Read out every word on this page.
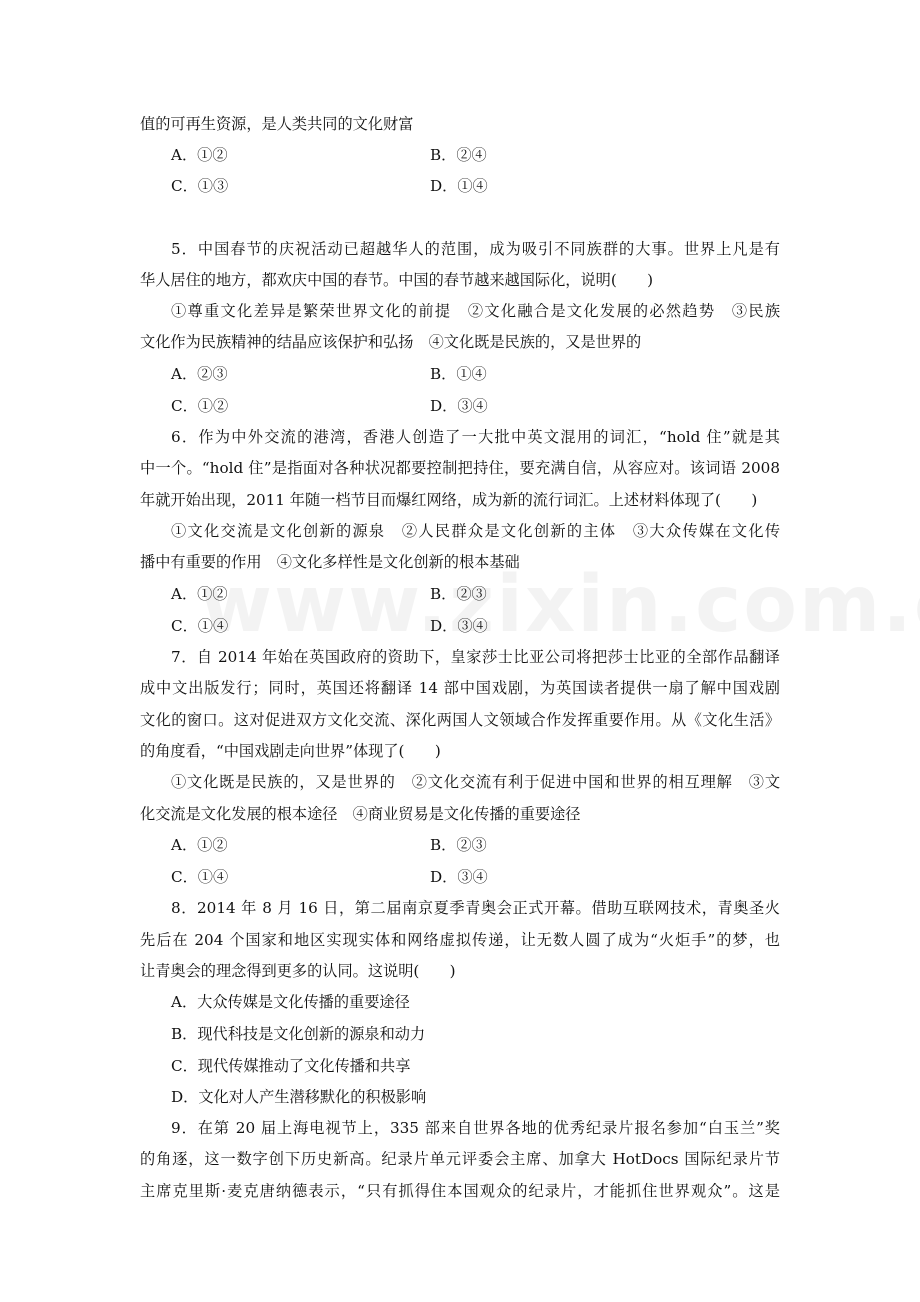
值的可再生资源，是人类共同的文化财富
A．①②	B．②④
C．①③	D．①④
5．中国春节的庆祝活动已超越华人的范围，成为吸引不同族群的大事。世界上凡是有
华人居住的地方，都欢庆中国的春节。中国的春节越来越国际化，说明(　　)
①尊重文化差异是繁荣世界文化的前提　②文化融合是文化发展的必然趋势　③民族
文化作为民族精神的结晶应该保护和弘扬　④文化既是民族的，又是世界的
A．②③	B．①④
C．①②	D．③④
6．作为中外交流的港湾，香港人创造了一大批中英文混用的词汇，“hold 住”就是其
中一个。“hold 住”是指面对各种状况都要控制把持住，要充满自信，从容应对。该词语 2008
年就开始出现，2011 年随一档节目而爆红网络，成为新的流行词汇。上述材料体现了(　　)
①文化交流是文化创新的源泉　②人民群众是文化创新的主体　③大众传媒在文化传
播中有重要的作用　④文化多样性是文化创新的根本基础
A．①②	B．②③
C．①④	D．③④
7．自 2014 年始在英国政府的资助下，皇家莎士比亚公司将把莎士比亚的全部作品翻译
成中文出版发行；同时，英国还将翻译 14 部中国戏剧，为英国读者提供一扇了解中国戏剧
文化的窗口。这对促进双方文化交流、深化两国人文领域合作发挥重要作用。从《文化生活》
的角度看，“中国戏剧走向世界”体现了(　　)
①文化既是民族的，又是世界的　②文化交流有利于促进中国和世界的相互理解　③文
化交流是文化发展的根本途径　④商业贸易是文化传播的重要途径
A．①②	B．②③
C．①④	D．③④
8．2014 年 8 月 16 日，第二届南京夏季青奥会正式开幕。借助互联网技术，青奥圣火
先后在 204 个国家和地区实现实体和网络虚拟传递，让无数人圆了成为“火炬手”的梦，也
让青奥会的理念得到更多的认同。这说明(　　)
A．大众传媒是文化传播的重要途径
B．现代科技是文化创新的源泉和动力
C．现代传媒推动了文化传播和共享
D．文化对人产生潜移默化的积极影响
9．在第 20 届上海电视节上，335 部来自世界各地的优秀纪录片报名参加“白玉兰”奖
的角逐，这一数字创下历史新高。纪录片单元评委会主席、加拿大 HotDocs 国际纪录片节
主席克里斯·麦克唐纳德表示，“只有抓得住本国观众的纪录片，才能抓住世界观众”。这是
